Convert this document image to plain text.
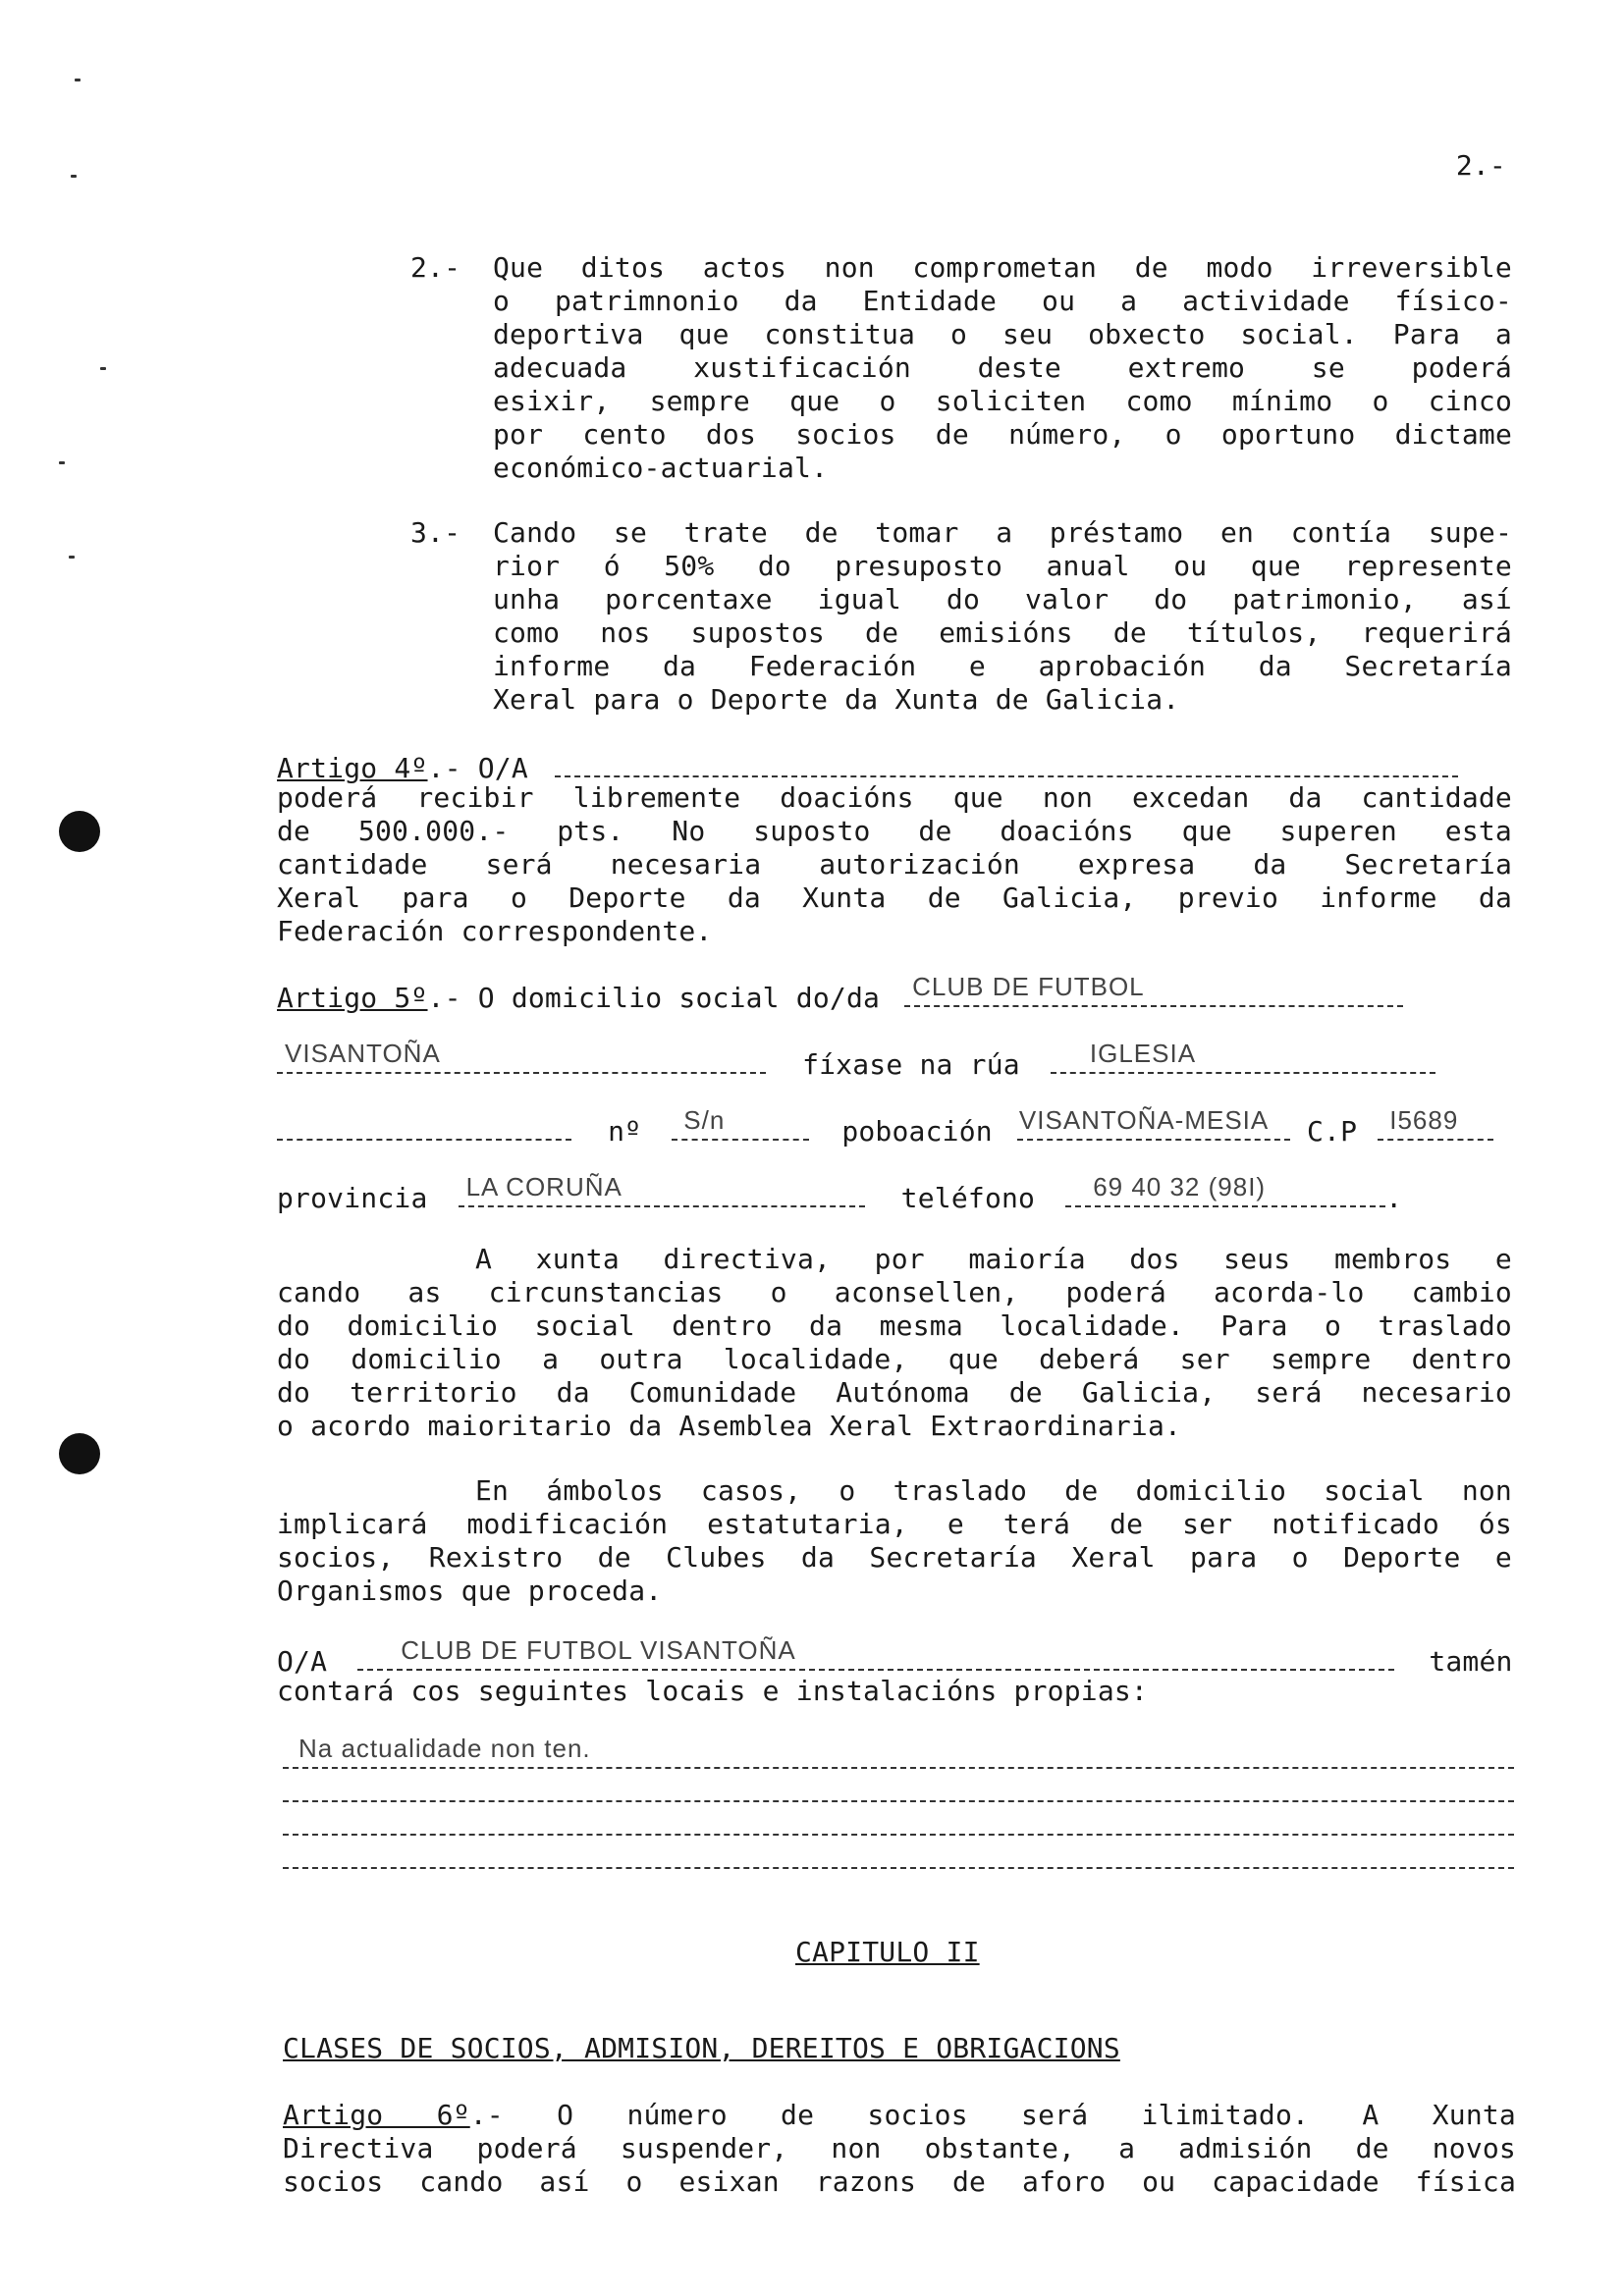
2.-
2.- Que ditos actos non comprometan de modo irreversible
o patrimnonio da Entidade ou a actividade físico-
deportiva que constitua o seu obxecto social. Para a
adecuada xustificación deste extremo se poderá
esixir, sempre que o soliciten como mínimo o cinco
por cento dos socios de número, o oportuno dictame
económico-actuarial.
3.- Cando se trate de tomar a préstamo en contía supe-
rior ó 50% do presuposto anual ou que represente
unha porcentaxe igual do valor do patrimonio, así
como nos supostos de emisións de títulos, requerirá
informe da Federación e aprobación da Secretaría
Xeral para o Deporte da Xunta de Galicia.
Artigo 4º.- O/A
poderá recibir libremente doacións que non excedan da cantidade
de 500.000.- pts. No suposto de doacións que superen esta
cantidade será necesaria autorización expresa da Secretaría
Xeral para o Deporte da Xunta de Galicia, previo informe da
Federación correspondente.
Artigo 5º.- O domicilio social do/da CLUB DE FUTBOL
VISANTOÑA	fíxase na rúa	IGLESIA
nº S/n	poboación VISANTOÑA-MESIA C.P I5689
provincia LA CORUÑA	teléfono 69 40 32 (98I)	.
A xunta directiva, por maioría dos seus membros e
cando as circunstancias o aconsellen, poderá acorda-lo cambio
do domicilio social dentro da mesma localidade. Para o traslado
do domicilio a outra localidade, que deberá ser sempre dentro
do territorio da Comunidade Autónoma de Galicia, será necesario
o acordo maioritario da Asemblea Xeral Extraordinaria.
En ámbolos casos, o traslado de domicilio social non
implicará modificación estatutaria, e terá de ser notificado ós
socios, Rexistro de Clubes da Secretaría Xeral para o Deporte e
Organismos que proceda.
O/A	CLUB DE FUTBOL VISANTOÑA	tamén
contará cos seguintes locais e instalacións propias:
Na actualidade non ten.
CAPITULO II
CLASES DE SOCIOS, ADMISION, DEREITOS E OBRIGACIONS
Artigo 6º.- O número de socios será ilimitado. A Xunta
Directiva poderá suspender, non obstante, a admisión de novos
socios cando así o esixan razons de aforo ou capacidade física
